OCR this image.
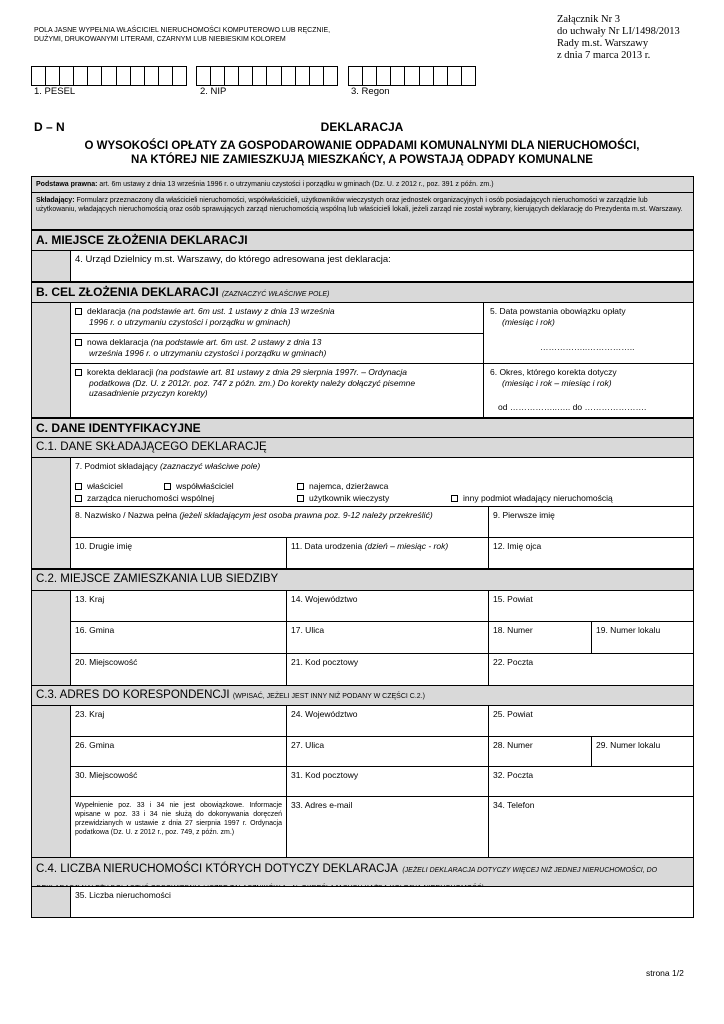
POLA JASNE WYPEŁNIA WŁAŚCICIEL NIERUCHOMOŚCI KOMPUTEROWO LUB RĘCZNIE,
DUŻYMI, DRUKOWANYMI LITERAMI, CZARNYM LUB NIEBIESKIM KOLOREM
Załącznik Nr 3
do uchwały Nr LI/1498/2013
Rady m.st. Warszawy
z dnia 7 marca 2013 r.
1. PESEL	2. NIP	3. Regon
D – N	DEKLARACJA
O WYSOKOŚCI OPŁATY ZA GOSPODAROWANIE ODPADAMI KOMUNALNYMI DLA NIERUCHOMOŚCI,
NA KTÓREJ NIE ZAMIESZKUJĄ MIESZKAŃCY, A POWSTAJĄ ODPADY KOMUNALNE
Podstawa prawna: art. 6m ustawy z dnia 13 września 1996 r. o utrzymaniu czystości i porządku w gminach (Dz. U. z 2012 r., poz. 391 z późn. zm.)
Składający: Formularz przeznaczony dla właścicieli nieruchomości, współwłaścicieli, użytkowników wieczystych oraz jednostek organizacyjnych i osób posiadających nieruchomości w zarządzie lub użytkowaniu, władających nieruchomością oraz osób sprawujących zarząd nieruchomością wspólną lub właścicieli lokali, jeżeli zarząd nie został wybrany, kierujących deklarację do Prezydenta m.st. Warszawy.
A. MIEJSCE ZŁOŻENIA DEKLARACJI
4. Urząd Dzielnicy m.st. Warszawy, do którego adresowana jest deklaracja:
B. CEL ZŁOŻENIA DEKLARACJI (ZAZNACZYĆ WŁAŚCIWE POLE)
deklaracja (na podstawie art. 6m ust. 1 ustawy z dnia 13 września
1996 r. o utrzymaniu czystości i porządku w gminach)
nowa deklaracja (na podstawie art. 6m ust. 2 ustawy z dnia 13
września 1996 r. o utrzymaniu czystości i porządku w gminach)
korekta deklaracji (na podstawie art. 81 ustawy z dnia 29 sierpnia 1997r. – Ordynacja
podatkowa (Dz. U. z 2012r. poz. 747 z późn. zm.) Do korekty należy dołączyć pisemne
uzasadnienie przyczyn korekty)
5. Data powstania obowiązku opłaty
(miesiąc i rok)
……………..……………..
6. Okres, którego korekta dotyczy
(miesiąc i rok – miesiąc i rok)
od ……………..….. do ………………….
C. DANE IDENTYFIKACYJNE
C.1. DANE SKŁADAJĄCEGO DEKLARACJĘ
7. Podmiot składający (zaznaczyć właściwe pole)
właściciel	współwłaściciel	najemca, dzierżawca
zarządca nieruchomości wspólnej	użytkownik wieczysty	inny podmiot władający nieruchomością
8. Nazwisko / Nazwa pełna (jeżeli składającym jest osoba prawna poz. 9-12 należy przekreślić)	9. Pierwsze imię
10. Drugie imię	11. Data urodzenia (dzień – miesiąc - rok)	12. Imię ojca
C.2. MIEJSCE ZAMIESZKANIA LUB SIEDZIBY
13. Kraj	14. Województwo	15. Powiat
16. Gmina	17. Ulica	18. Numer	19. Numer lokalu
20. Miejscowość	21. Kod pocztowy	22. Poczta
C.3. ADRES DO KORESPONDENCJI (WPISAĆ, JEŻELI JEST INNY NIŻ PODANY W CZĘŚCI C.2.)
23. Kraj	24. Województwo	25. Powiat
26. Gmina	27. Ulica	28. Numer	29. Numer lokalu
30. Miejscowość	31. Kod pocztowy	32. Poczta
Wypełnienie poz. 33 i 34 nie jest obowiązkowe. Informacje wpisane w poz. 33 i 34 nie służą do dokonywania doręczeń przewidzianych w ustawie z dnia 27 sierpnia 1997 r. Ordynacja podatkowa (Dz. U. z 2012 r., poz. 749, z późn. zm.)
33. Adres e-mail	34. Telefon
C.4. LICZBA NIERUCHOMOŚCI KTÓRYCH DOTYCZY DEKLARACJA (JEŻELI DEKLARACJA DOTYCZY WIĘCEJ NIŻ JEDNEJ NIERUCHOMOŚCI, DO
35. Liczba nieruchomości
strona 1/2
